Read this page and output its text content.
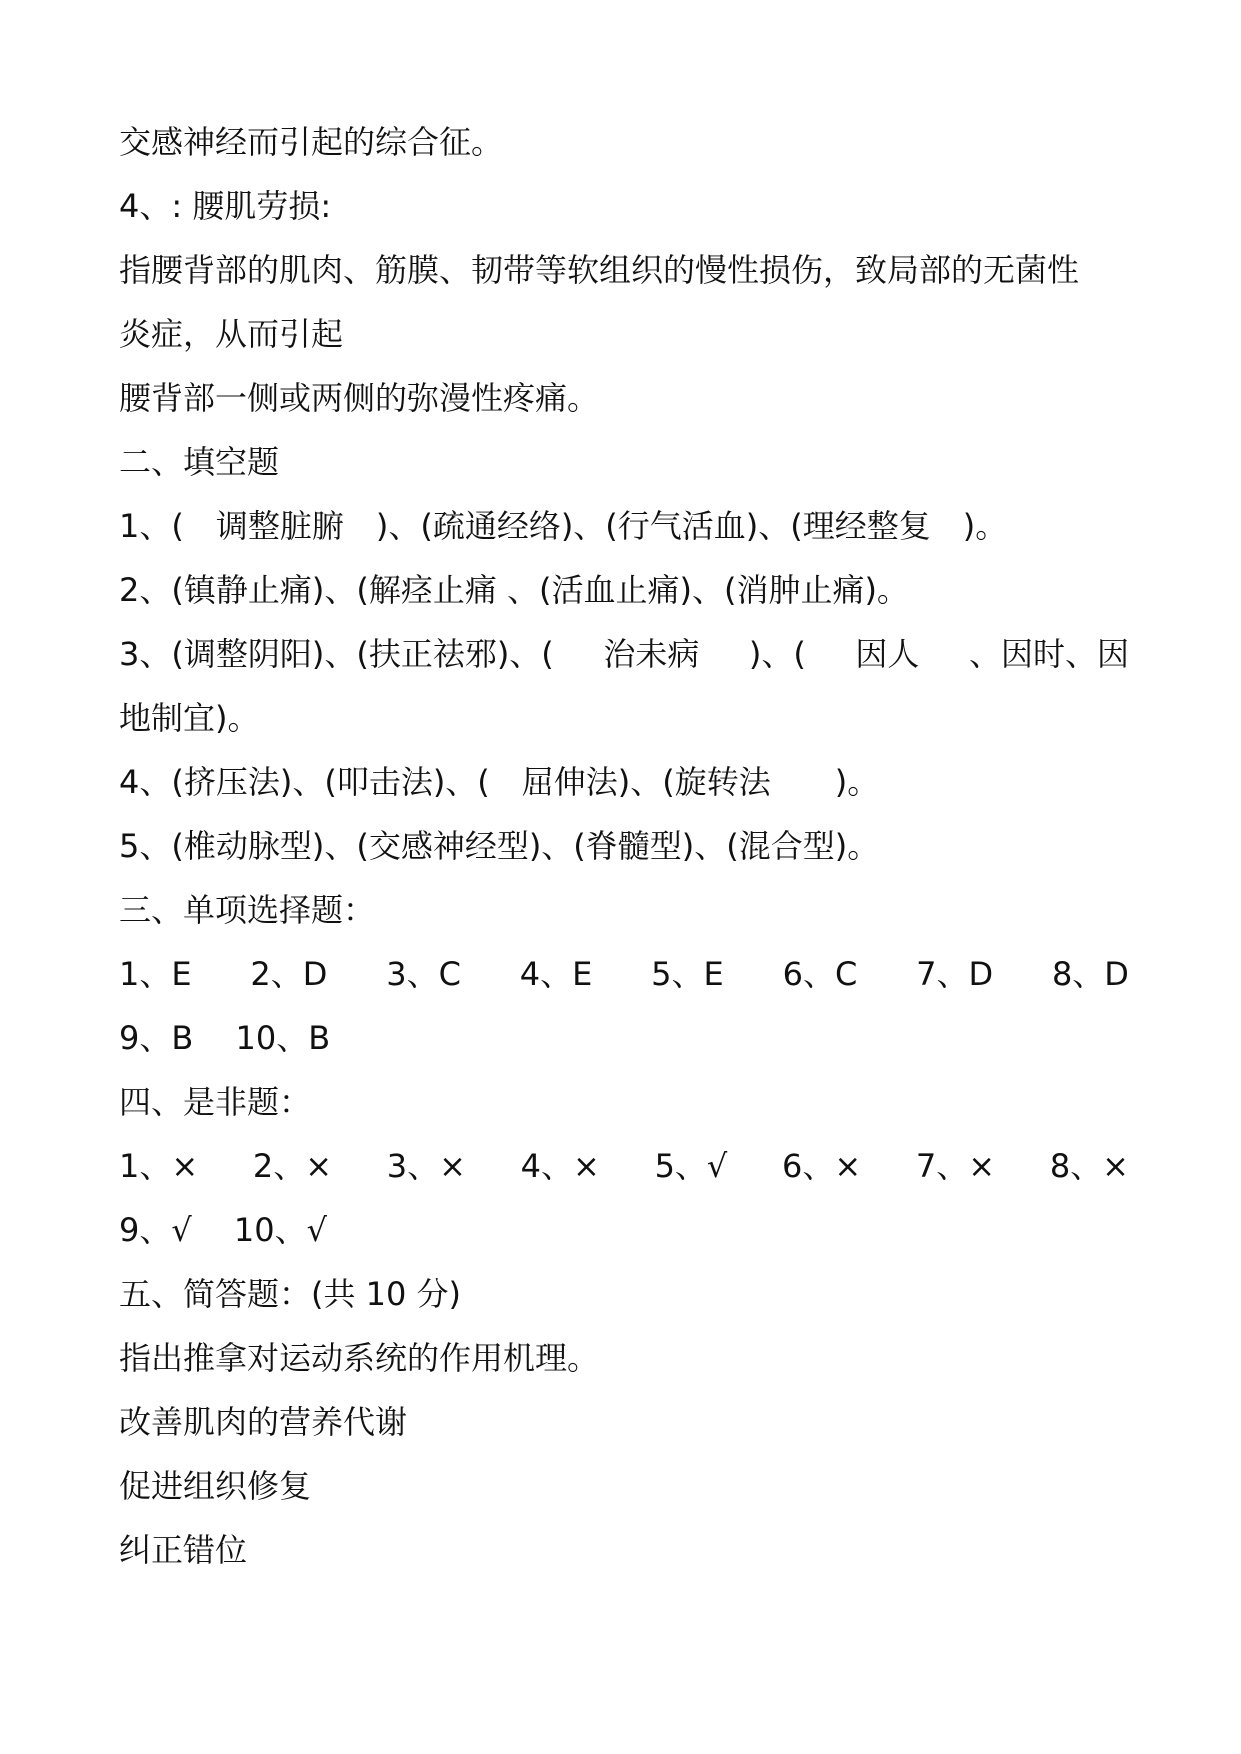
交感神经而引起的综合征。
4、: 腰肌劳损:
指腰背部的肌肉、筋膜、韧带等软组织的慢性损伤，致局部的无菌性
炎症，从而引起
腰背部一侧或两侧的弥漫性疼痛。
二、填空题
1、(　调整脏腑　)、(疏通经络)、(行气活血)、(理经整复　)。
2、(镇静止痛)、(解痉止痛 、(活血止痛)、(消肿止痛)。
3、(调整阴阳)、(扶正祛邪)、( 治未病 )、( 因人 、因时、因
地制宜)。
4、(挤压法)、(叩击法)、(　屈伸法)、(旋转法　　)。
5、(椎动脉型)、(交感神经型)、(脊髓型)、(混合型)。
三、单项选择题：
1、E 2、D 3、C 4、E 5、E 6、C 7、D 8、D
9、B　 10、B
四、是非题：
1、× 2、× 3、× 4、× 5、√ 6、× 7、× 8、×
9、√　 10、√
五、简答题：(共 10 分)
指出推拿对运动系统的作用机理。
改善肌肉的营养代谢
促进组织修复
纠正错位
